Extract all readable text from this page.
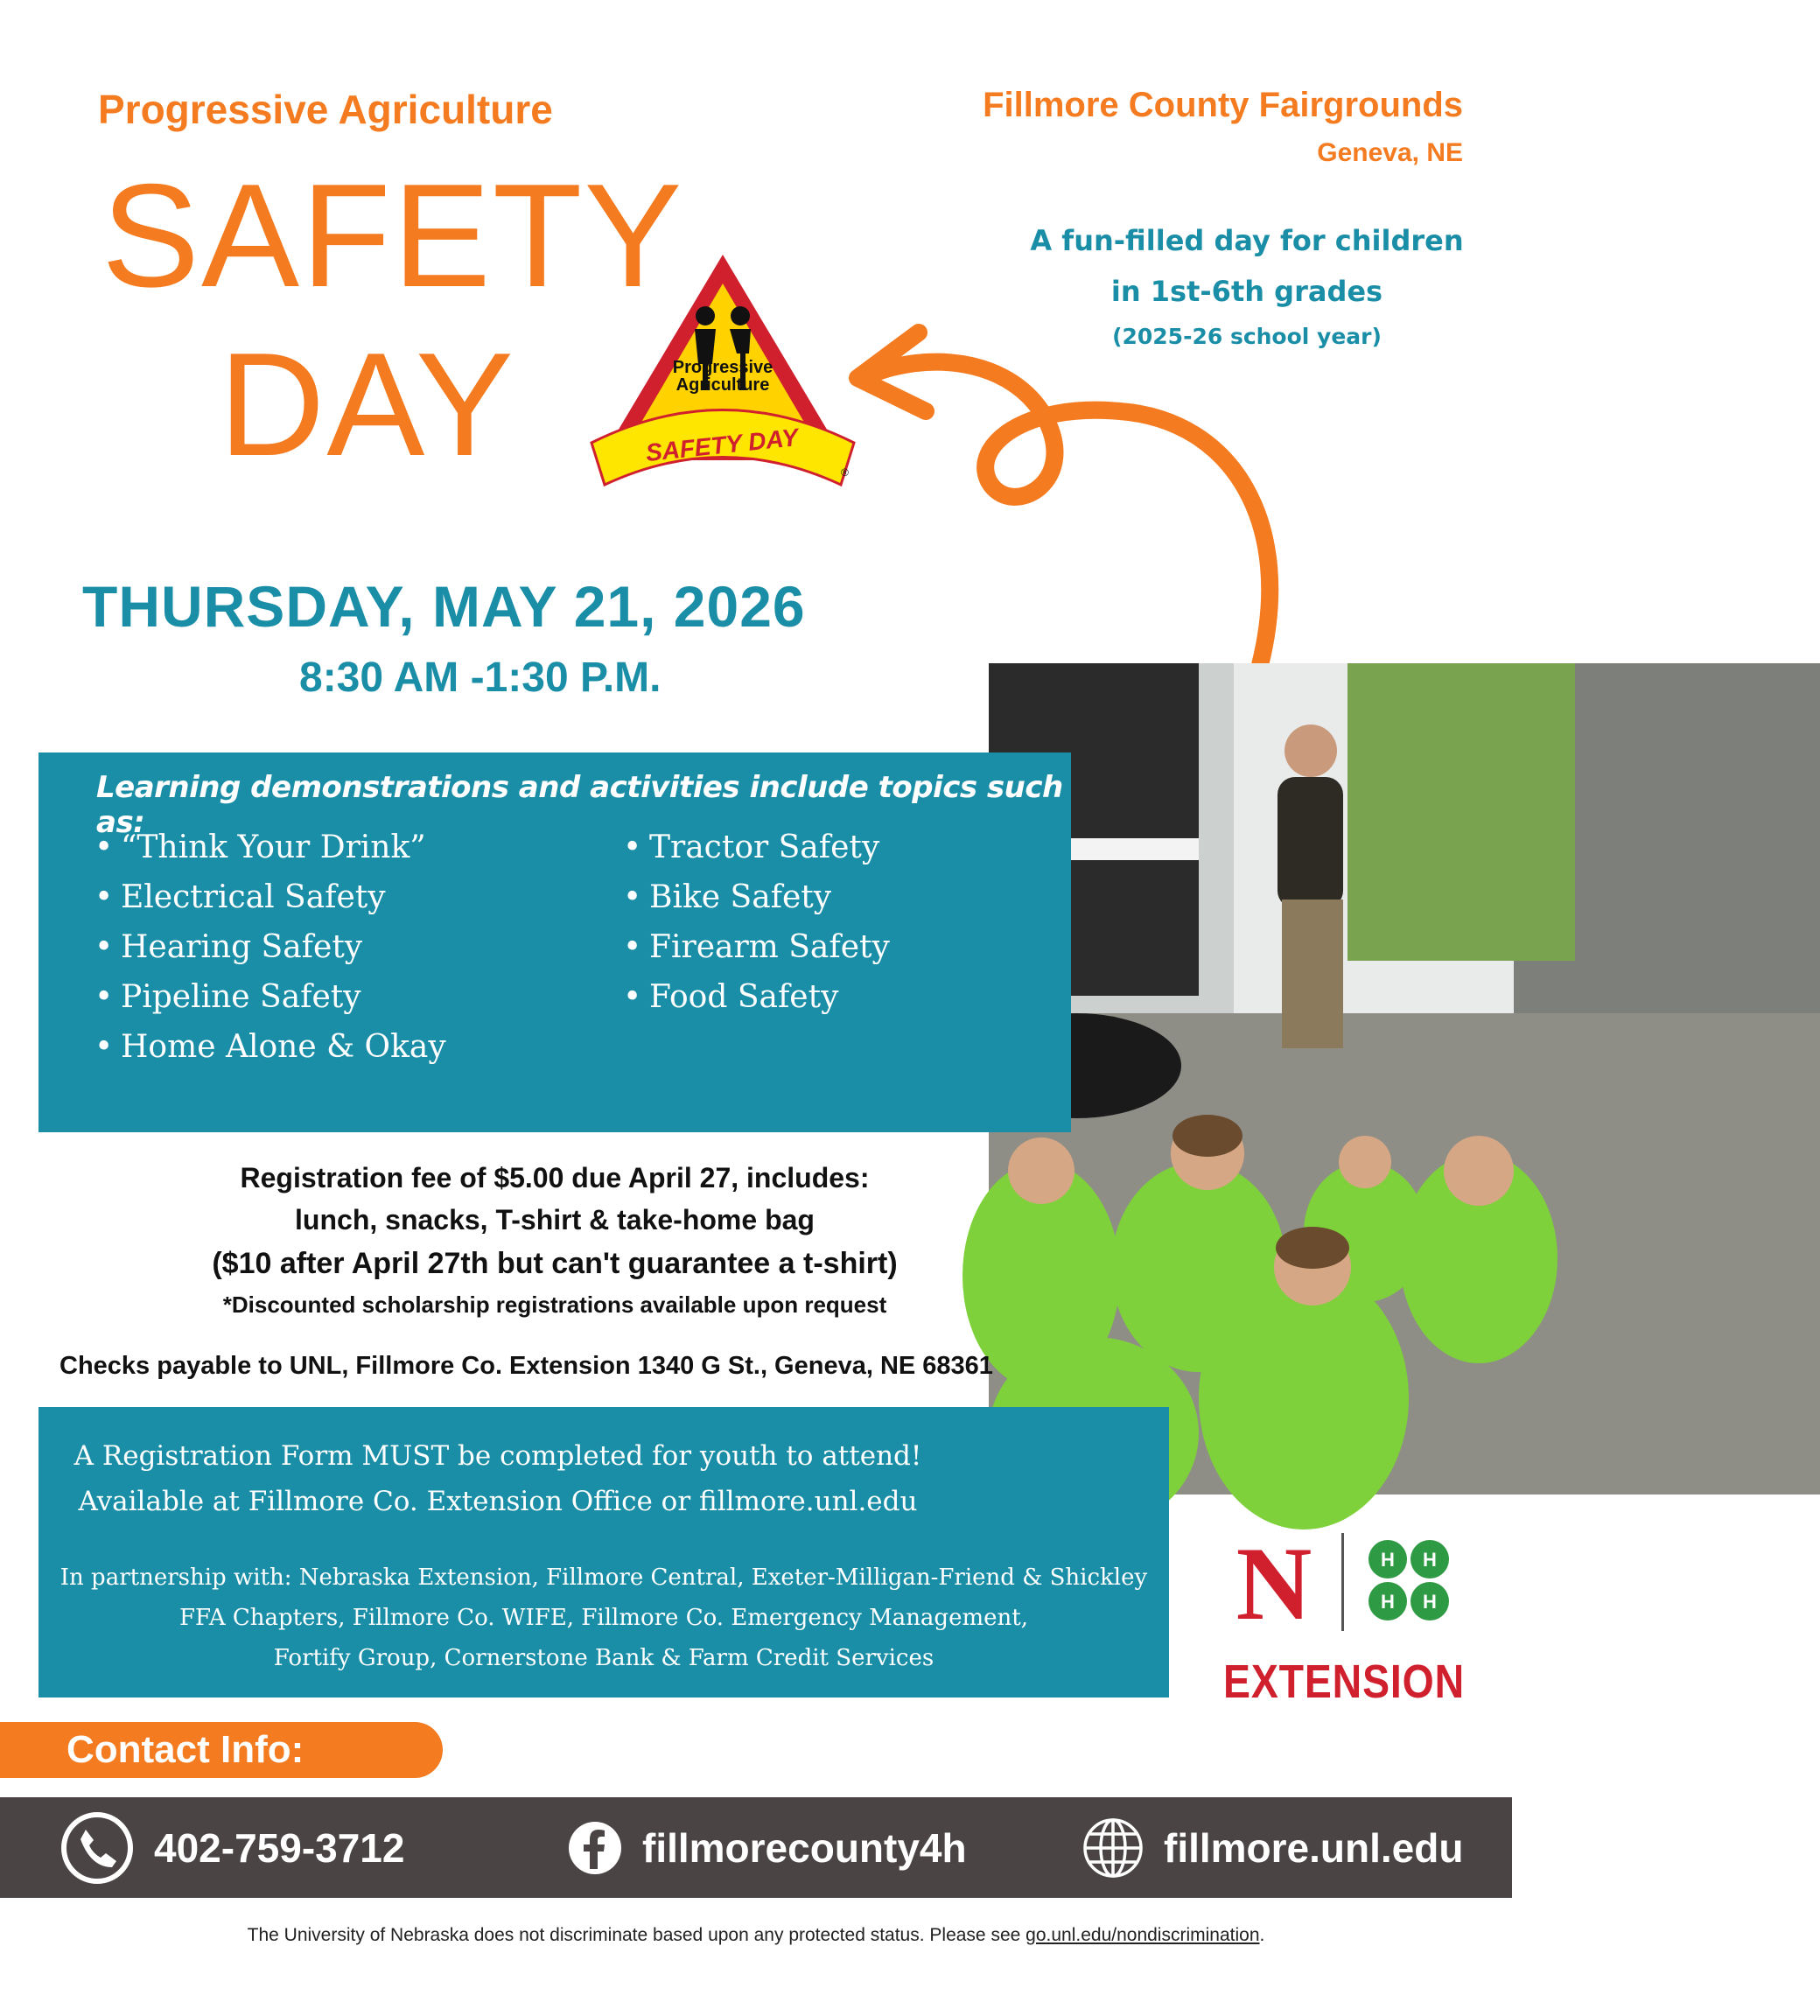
Progressive Agriculture
SAFETY
DAY
Fillmore County Fairgrounds
Geneva, NE
A fun-filled day for children
in 1st-6th grades
(2025-26 school year)
Progressive
Agriculture
SAFETY DAY
®
THURSDAY, MAY 21, 2026
8:30 AM -1:30 P.M.
Learning demonstrations and activities include topics such as:
• “Think Your Drink”
• Electrical Safety
• Hearing Safety
• Pipeline Safety
• Home Alone & Okay
• Tractor Safety
• Bike Safety
• Firearm Safety
• Food Safety
Registration fee of $5.00 due April 27, includes:
lunch, snacks, T-shirt & take-home bag
($10 after April 27th but can't guarantee a t-shirt)
*Discounted scholarship registrations available upon request
Checks payable to UNL, Fillmore Co. Extension 1340 G St., Geneva, NE 68361
A Registration Form MUST be completed for youth to attend!
Available at Fillmore Co. Extension Office or fillmore.unl.edu
In partnership with: Nebraska Extension, Fillmore Central, Exeter-Milligan-Friend & Shickley
FFA Chapters, Fillmore Co. WIFE, Fillmore Co. Emergency Management,
Fortify Group, Cornerstone Bank & Farm Credit Services
N	H H
H H
EXTENSION
Contact Info:
402-759-3712	fillmorecounty4h	fillmore.unl.edu
The University of Nebraska does not discriminate based upon any protected status. Please see go.unl.edu/nondiscrimination.
